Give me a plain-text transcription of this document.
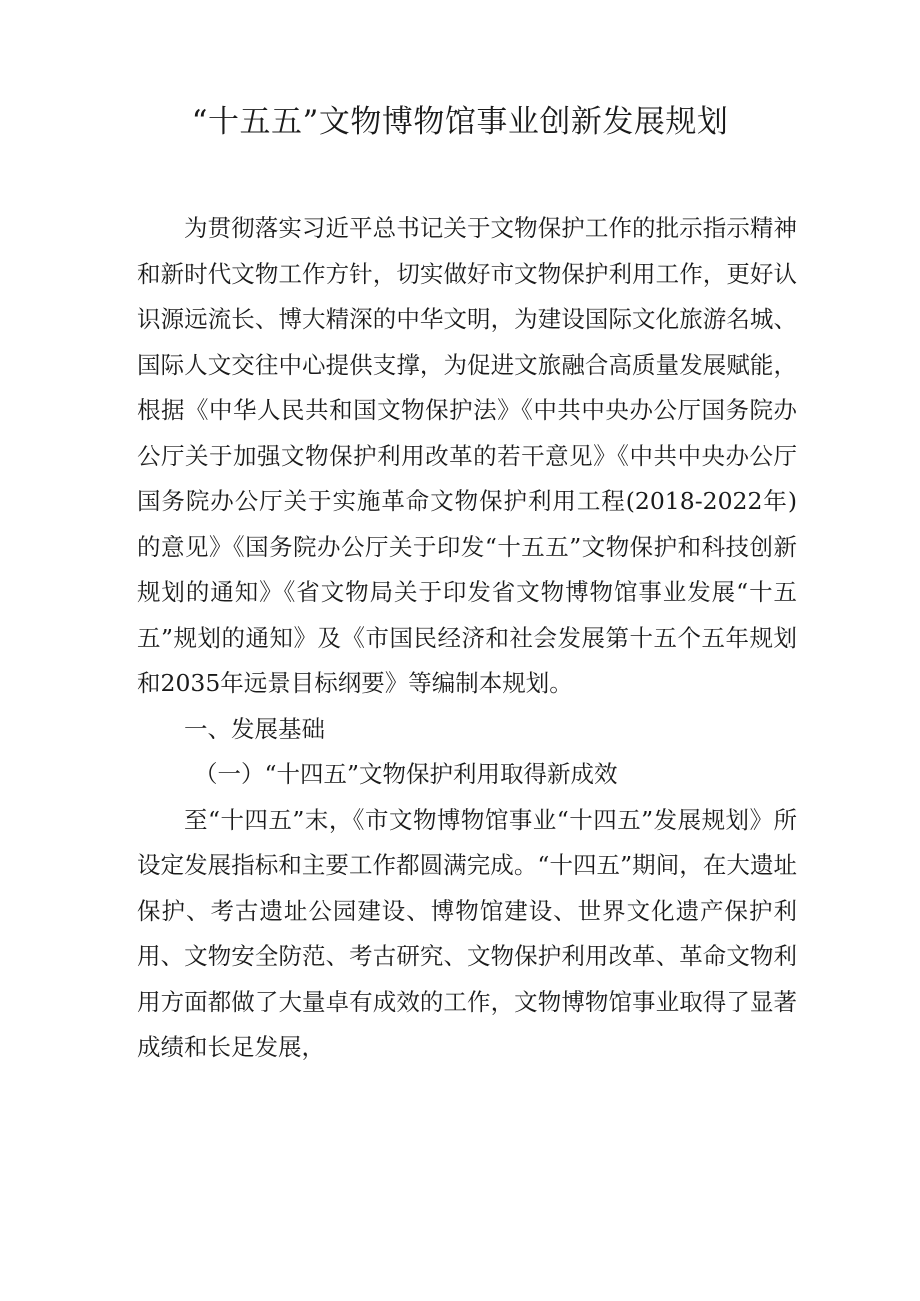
“十五五”文物博物馆事业创新发展规划

为贯彻落实习近平总书记关于文物保护工作的批示指示精神和新时代文物工作方针，切实做好市文物保护利用工作，更好认识源远流长、博大精深的中华文明，为建设国际文化旅游名城、国际人文交往中心提供支撑，为促进文旅融合高质量发展赋能，根据《中华人民共和国文物保护法》《中共中央办公厅国务院办公厅关于加强文物保护利用改革的若干意见》《中共中央办公厅国务院办公厅关于实施革命文物保护利用工程(2018-2022年)的意见》《国务院办公厅关于印发“十五五”文物保护和科技创新规划的通知》《省文物局关于印发省文物博物馆事业发展“十五五”规划的通知》及《市国民经济和社会发展第十五个五年规划和2035年远景目标纲要》等编制本规划。

一、发展基础

（一）“十四五”文物保护利用取得新成效

至“十四五”末，《市文物博物馆事业“十四五”发展规划》所设定发展指标和主要工作都圆满完成。“十四五”期间，在大遗址保护、考古遗址公园建设、博物馆建设、世界文化遗产保护利用、文物安全防范、考古研究、文物保护利用改革、革命文物利用方面都做了大量卓有成效的工作，文物博物馆事业取得了显著成绩和长足发展，
